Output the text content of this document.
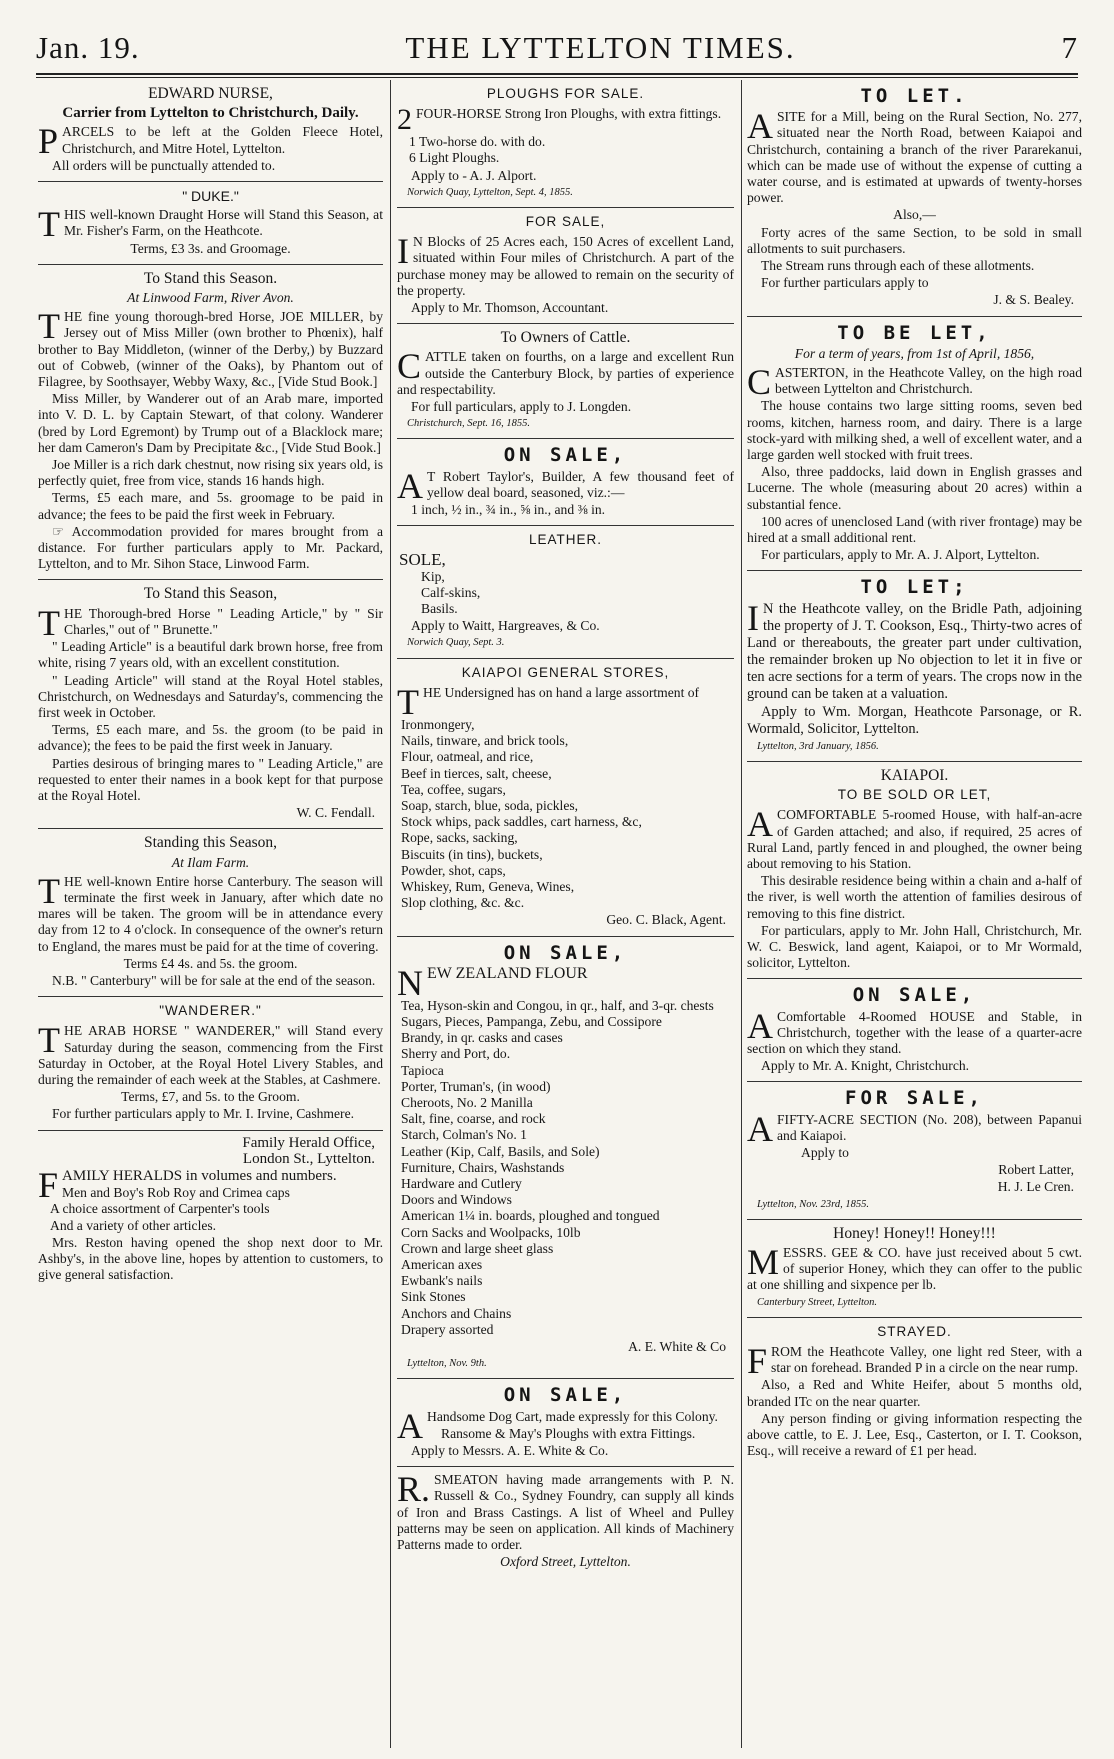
Jan. 19.	THE LYTTELTON TIMES.	7
EDWARD NURSE,
Carrier from Lyttelton to Christchurch, Daily.

PARCELS to be left at the Golden Fleece Hotel, Christchurch, and Mitre Hotel, Lyttelton.

All orders will be punctually attended to.

" DUKE."

THIS well-known Draught Horse will Stand this Season, at Mr. Fisher's Farm, on the Heathcote.

Terms, £3 3s. and Groomage.

To Stand this Season.
At Linwood Farm, River Avon.

THE fine young thorough-bred Horse, JOE MILLER, by Jersey out of Miss Miller (own brother to Phœnix), half brother to Bay Middleton, (winner of the Derby,) by Buzzard out of Cobweb, (winner of the Oaks), by Phantom out of Filagree, by Soothsayer, Webby Waxy, &c., [Vide Stud Book.]

Miss Miller, by Wanderer out of an Arab mare, imported into V. D. L. by Captain Stewart, of that colony. Wanderer (bred by Lord Egremont) by Trump out of a Blacklock mare; her dam Cameron's Dam by Precipitate &c., [Vide Stud Book.]

Joe Miller is a rich dark chestnut, now rising six years old, is perfectly quiet, free from vice, stands 16 hands high.

Terms, £5 each mare, and 5s. groomage to be paid in advance; the fees to be paid the first week in February.

☞ Accommodation provided for mares brought from a distance. For further particulars apply to Mr. Packard, Lyttelton, and to Mr. Sihon Stace, Linwood Farm.

To Stand this Season,

THE Thorough-bred Horse " Leading Article," by " Sir Charles," out of " Brunette."

" Leading Article" is a beautiful dark brown horse, free from white, rising 7 years old, with an excellent constitution.

" Leading Article" will stand at the Royal Hotel stables, Christchurch, on Wednesdays and Saturday's, commencing the first week in October.

Terms, £5 each mare, and 5s. the groom (to be paid in advance); the fees to be paid the first week in January.

Parties desirous of bringing mares to " Leading Article," are requested to enter their names in a book kept for that purpose at the Royal Hotel.

W. C. Fendall.

Standing this Season,
At Ilam Farm.

THE well-known Entire horse Canterbury. The season will terminate the first week in January, after which date no mares will be taken. The groom will be in attendance every day from 12 to 4 o'clock. In consequence of the owner's return to England, the mares must be paid for at the time of covering.

Terms £4 4s. and 5s. the groom.

N.B. " Canterbury" will be for sale at the end of the season.

"WANDERER."

THE ARAB HORSE " WANDERER," will Stand every Saturday during the season, commencing from the First Saturday in October, at the Royal Hotel Livery Stables, and during the remainder of each week at the Stables, at Cashmere.

Terms, £7, and 5s. to the Groom.

For further particulars apply to Mr. I. Irvine, Cashmere.

Family Herald Office,
London St., Lyttelton.

FAMILY HERALDS in volumes and numbers.

Men and Boy's Rob Roy and Crimea caps
A choice assortment of Carpenter's tools
And a variety of other articles.

Mrs. Reston having opened the shop next door to Mr. Ashby's, in the above line, hopes by attention to customers, to give general satisfaction.

PLOUGHS FOR SALE.

2 FOUR-HORSE Strong Iron Ploughs, with extra fittings.

1 Two-horse do. with do.
6 Light Ploughs.

Apply to - A. J. Alport.

Norwich Quay, Lyttelton, Sept. 4, 1855.
FOR SALE,

IN Blocks of 25 Acres each, 150 Acres of excellent Land, situated within Four miles of Christchurch. A part of the purchase money may be allowed to remain on the security of the property.

Apply to Mr. Thomson, Accountant.

To Owners of Cattle.

CATTLE taken on fourths, on a large and excellent Run outside the Canterbury Block, by parties of experience and respectability.

For full particulars, apply to J. Longden.

Christchurch, Sept. 16, 1855.
ON SALE,

AT Robert Taylor's, Builder, A few thousand feet of yellow deal board, seasoned, viz.:—

1 inch, ½ in., ¾ in., ⅝ in., and ⅜ in.

LEATHER.
SOLE,
Kip,
Calf-skins,
Basils.

Apply to Waitt, Hargreaves, & Co.

Norwich Quay, Sept. 3.
KAIAPOI GENERAL STORES,

THE Undersigned has on hand a large assortment of

Ironmongery,
Nails, tinware, and brick tools,
Flour, oatmeal, and rice,
Beef in tierces, salt, cheese,
Tea, coffee, sugars,
Soap, starch, blue, soda, pickles,
Stock whips, pack saddles, cart harness, &c,
Rope, sacks, sacking,
Biscuits (in tins), buckets,
Powder, shot, caps,
Whiskey, Rum, Geneva, Wines,
Slop clothing, &c. &c.

Geo. C. Black, Agent.

ON SALE,

NEW ZEALAND FLOUR

Tea, Hyson-skin and Congou, in qr., half, and 3-qr. chests
Sugars, Pieces, Pampanga, Zebu, and Cossipore
Brandy, in qr. casks and cases
Sherry and Port, do.
Tapioca
Porter, Truman's, (in wood)
Cheroots, No. 2 Manilla
Salt, fine, coarse, and rock
Starch, Colman's No. 1
Leather (Kip, Calf, Basils, and Sole)
Furniture, Chairs, Washstands
Hardware and Cutlery
Doors and Windows
American 1¼ in. boards, ploughed and tongued
Corn Sacks and Woolpacks, 10lb
Crown and large sheet glass
American axes
Ewbank's nails
Sink Stones
Anchors and Chains
Drapery assorted

A. E. White & Co

Lyttelton, Nov. 9th.
ON SALE,

AHandsome Dog Cart, made expressly for this Colony.

Ransome & May's Ploughs with extra Fittings.

Apply to Messrs. A. E. White & Co.

R.SMEATON having made arrangements with P. N. Russell & Co., Sydney Foundry, can supply all kinds of Iron and Brass Castings. A list of Wheel and Pulley patterns may be seen on application. All kinds of Machinery Patterns made to order.

Oxford Street, Lyttelton.

TO LET.

ASITE for a Mill, being on the Rural Section, No. 277, situated near the North Road, between Kaiapoi and Christchurch, containing a branch of the river Pararekanui, which can be made use of without the expense of cutting a water course, and is estimated at upwards of twenty-horses power.

Also,—

Forty acres of the same Section, to be sold in small allotments to suit purchasers.

The Stream runs through each of these allotments.

For further particulars apply to

J. & S. Bealey.

TO BE LET,
For a term of years, from 1st of April, 1856,

CASTERTON, in the Heathcote Valley, on the high road between Lyttelton and Christchurch.

The house contains two large sitting rooms, seven bed rooms, kitchen, harness room, and dairy. There is a large stock-yard with milking shed, a well of excellent water, and a large garden well stocked with fruit trees.

Also, three paddocks, laid down in English grasses and Lucerne. The whole (measuring about 20 acres) within a substantial fence.

100 acres of unenclosed Land (with river frontage) may be hired at a small additional rent.

For particulars, apply to Mr. A. J. Alport, Lyttelton.

TO LET;

IN the Heathcote valley, on the Bridle Path, adjoining the property of J. T. Cookson, Esq., Thirty-two acres of Land or thereabouts, the greater part under cultivation, the remainder broken up No objection to let it in five or ten acre sections for a term of years. The crops now in the ground can be taken at a valuation.

Apply to Wm. Morgan, Heathcote Parsonage, or R. Wormald, Solicitor, Lyttelton.

Lyttelton, 3rd January, 1856.
KAIAPOI.
TO BE SOLD OR LET,

ACOMFORTABLE 5-roomed House, with half-an-acre of Garden attached; and also, if required, 25 acres of Rural Land, partly fenced in and ploughed, the owner being about removing to his Station.

This desirable residence being within a chain and a-half of the river, is well worth the attention of families desirous of removing to this fine district.

For particulars, apply to Mr. John Hall, Christchurch, Mr. W. C. Beswick, land agent, Kaiapoi, or to Mr Wormald, solicitor, Lyttelton.

ON SALE,

AComfortable 4-Roomed HOUSE and Stable, in Christchurch, together with the lease of a quarter-acre section on which they stand.

Apply to Mr. A. Knight, Christchurch.

FOR SALE,

AFIFTY-ACRE SECTION (No. 208), between Papanui and Kaiapoi.

Apply to

Robert Latter,

H. J. Le Cren.

Lyttelton, Nov. 23rd, 1855.
Honey! Honey!! Honey!!!

MESSRS. GEE & CO. have just received about 5 cwt. of superior Honey, which they can offer to the public at one shilling and sixpence per lb.

Canterbury Street, Lyttelton.
STRAYED.

FROM the Heathcote Valley, one light red Steer, with a star on forehead. Branded P in a circle on the near rump.

Also, a Red and White Heifer, about 5 months old, branded ITc on the near quarter.

Any person finding or giving information respecting the above cattle, to E. J. Lee, Esq., Casterton, or I. T. Cookson, Esq., will receive a reward of £1 per head.
